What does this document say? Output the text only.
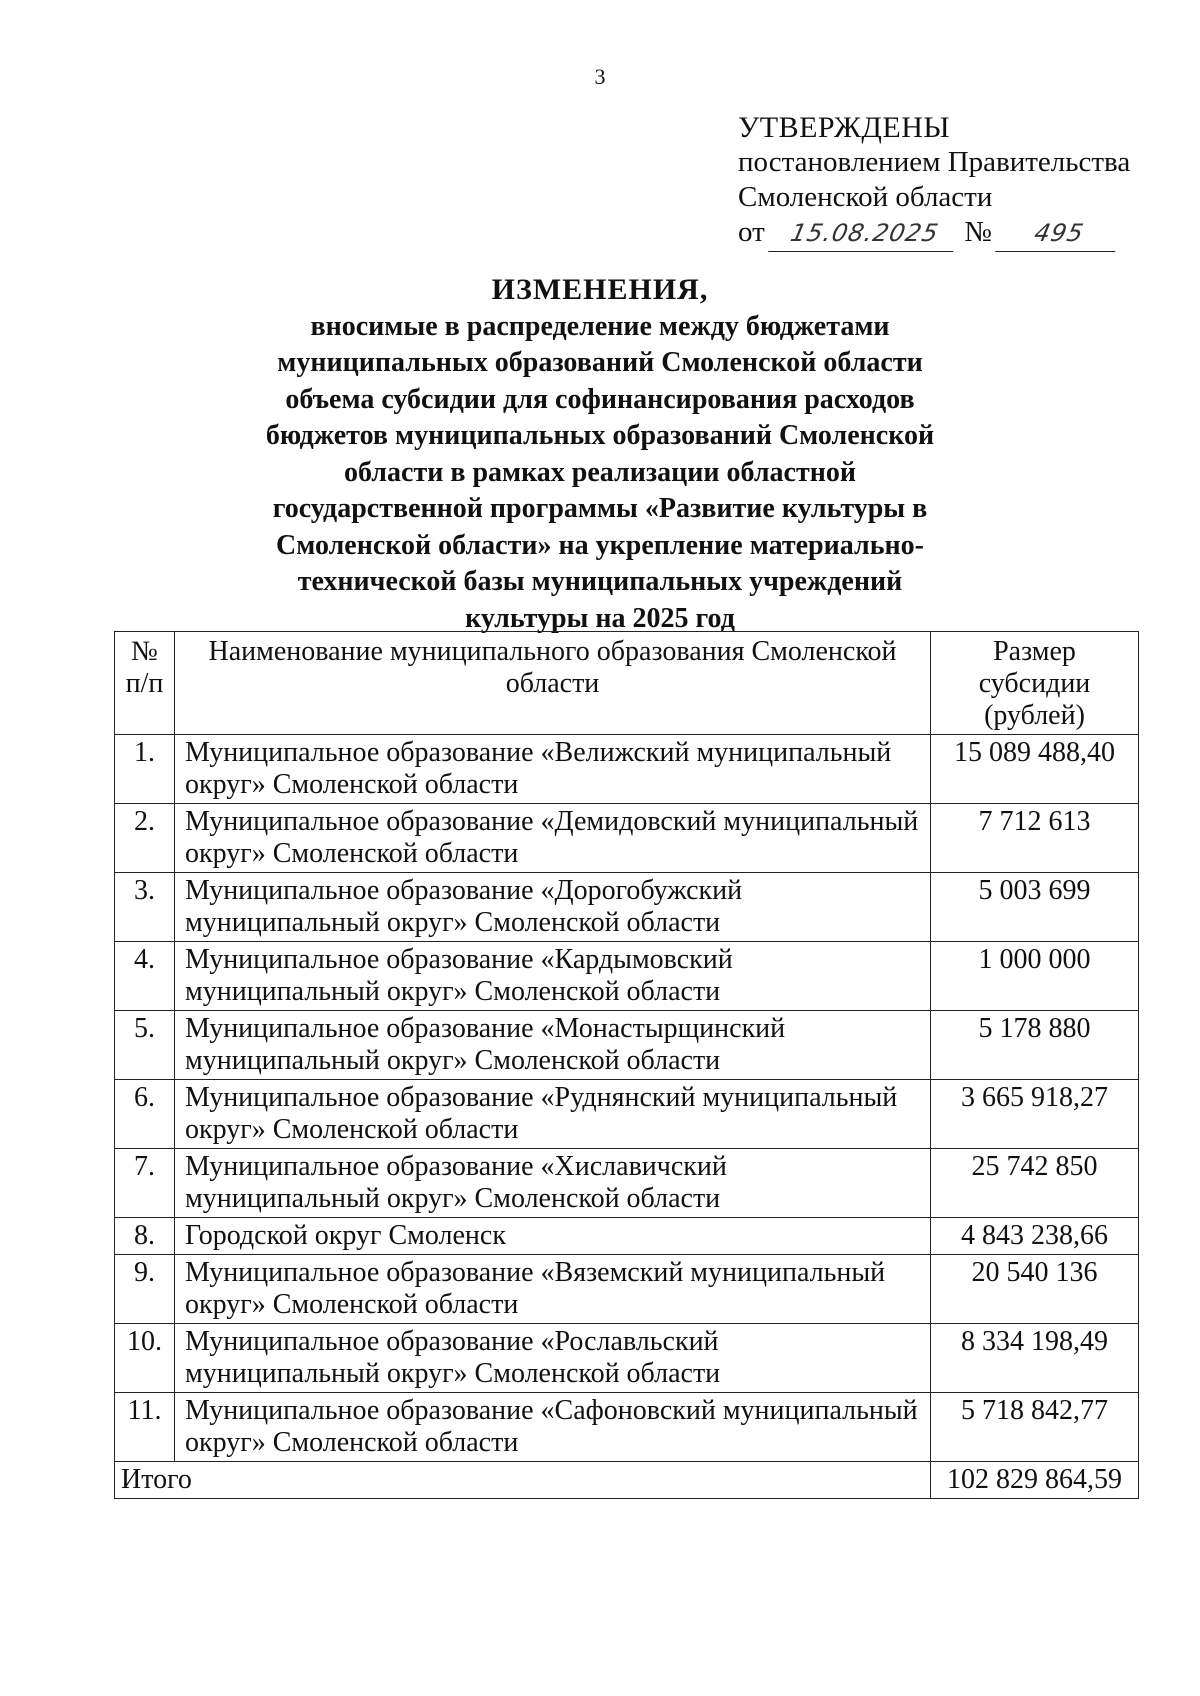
3
УТВЕРЖДЕНЫ
постановлением Правительства
Смоленской области
от 15.08.2025 № 495
ИЗМЕНЕНИЯ,
вносимые в распределение между бюджетами
муниципальных образований Смоленской области
объема субсидии для софинансирования расходов
бюджетов муниципальных образований Смоленской
области в рамках реализации областной
государственной программы «Развитие культуры в
Смоленской области» на укрепление материально-
технической базы муниципальных учреждений
культуры на 2025 год
№ п/п	Наименование муниципального образования Смоленской области	Размер субсидии (рублей)
1.	Муниципальное образование «Велижский муниципальный округ» Смоленской области	15 089 488,40
2.	Муниципальное образование «Демидовский муниципальный округ» Смоленской области	7 712 613
3.	Муниципальное образование «Дорогобужский муниципальный округ» Смоленской области	5 003 699
4.	Муниципальное образование «Кардымовский муниципальный округ» Смоленской области	1 000 000
5.	Муниципальное образование «Монастырщинский муниципальный округ» Смоленской области	5 178 880
6.	Муниципальное образование «Руднянский муниципальный округ» Смоленской области	3 665 918,27
7.	Муниципальное образование «Хиславичский муниципальный округ» Смоленской области	25 742 850
8.	Городской округ Смоленск	4 843 238,66
9.	Муниципальное образование «Вяземский муниципальный округ» Смоленской области	20 540 136
10.	Муниципальное образование «Рославльский муниципальный округ» Смоленской области	8 334 198,49
11.	Муниципальное образование «Сафоновский муниципальный округ» Смоленской области	5 718 842,77
Итого		102 829 864,59
